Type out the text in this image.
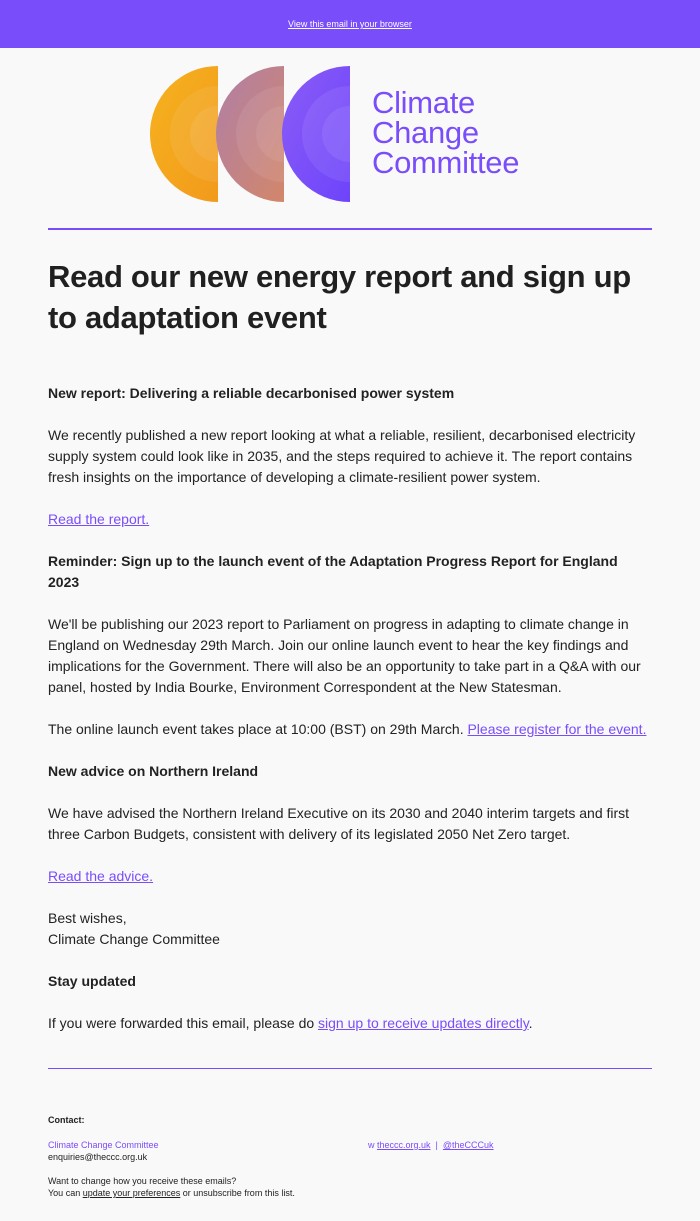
View this email in your browser
Climate
Change
Committee
Read our new energy report and sign up to adaptation event
New report: Delivering a reliable decarbonised power system

We recently published a new report looking at what a reliable, resilient, decarbonised electricity supply system could look like in 2035, and the steps required to achieve it. The report contains fresh insights on the importance of developing a climate-resilient power system.

Read the report.

Reminder: Sign up to the launch event of the Adaptation Progress Report for England 2023

We'll be publishing our 2023 report to Parliament on progress in adapting to climate change in England on Wednesday 29th March. Join our online launch event to hear the key findings and implications for the Government. There will also be an opportunity to take part in a Q&A with our panel, hosted by India Bourke, Environment Correspondent at the New Statesman.

The online launch event takes place at 10:00 (BST) on 29th March. Please register for the event.

New advice on Northern Ireland

We have advised the Northern Ireland Executive on its 2030 and 2040 interim targets and first three Carbon Budgets, consistent with delivery of its legislated 2050 Net Zero target.

Read the advice.

Best wishes,
Climate Change Committee

Stay updated

If you were forwarded this email, please do sign up to receive updates directly.

Contact:
Climate Change Committee
enquiries@theccc.org.uk
w theccc.org.uk | @theCCCuk
Want to change how you receive these emails?
You can update your preferences or unsubscribe from this list.
